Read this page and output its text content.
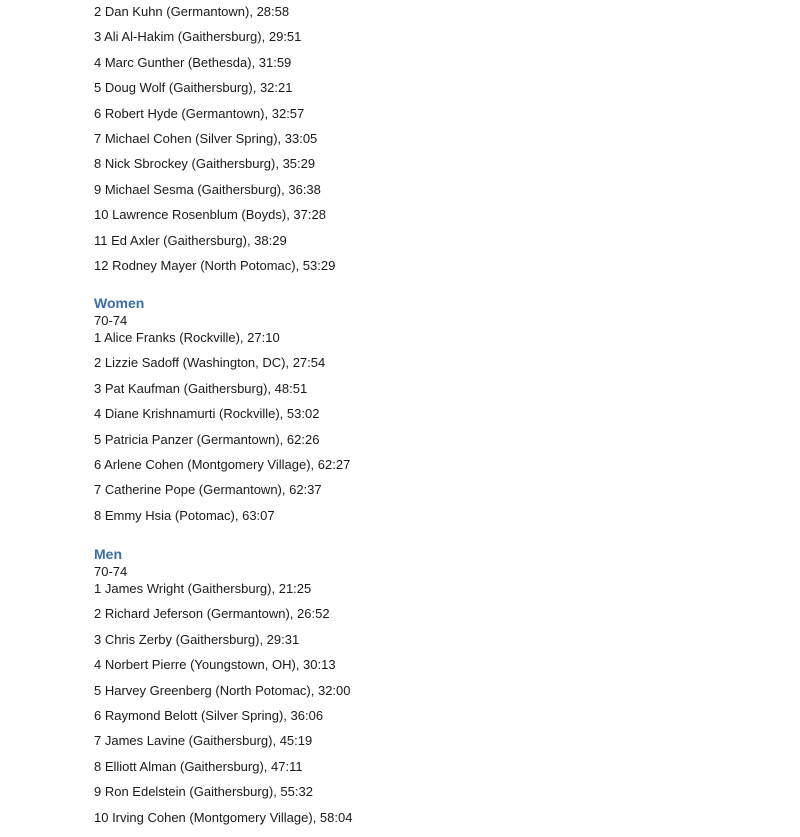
2 Dan Kuhn (Germantown), 28:58
3 Ali Al-Hakim (Gaithersburg), 29:51
4 Marc Gunther (Bethesda), 31:59
5 Doug Wolf (Gaithersburg), 32:21
6 Robert Hyde (Germantown), 32:57
7 Michael Cohen (Silver Spring), 33:05
8 Nick Sbrockey (Gaithersburg), 35:29
9 Michael Sesma (Gaithersburg), 36:38
10 Lawrence Rosenblum (Boyds), 37:28
11 Ed Axler (Gaithersburg), 38:29
12 Rodney Mayer (North Potomac), 53:29
Women
70-74
1 Alice Franks (Rockville), 27:10
2 Lizzie Sadoff (Washington, DC), 27:54
3 Pat Kaufman (Gaithersburg), 48:51
4 Diane Krishnamurti (Rockville), 53:02
5 Patricia Panzer (Germantown), 62:26
6 Arlene Cohen (Montgomery Village), 62:27
7 Catherine Pope (Germantown), 62:37
8 Emmy Hsia (Potomac), 63:07
Men
70-74
1 James Wright (Gaithersburg), 21:25
2 Richard Jeferson (Germantown), 26:52
3 Chris Zerby (Gaithersburg), 29:31
4 Norbert Pierre (Youngstown, OH), 30:13
5 Harvey Greenberg (North Potomac), 32:00
6 Raymond Belott (Silver Spring), 36:06
7 James Lavine (Gaithersburg), 45:19
8 Elliott Alman (Gaithersburg), 47:11
9 Ron Edelstein (Gaithersburg), 55:32
10 Irving Cohen (Montgomery Village), 58:04
